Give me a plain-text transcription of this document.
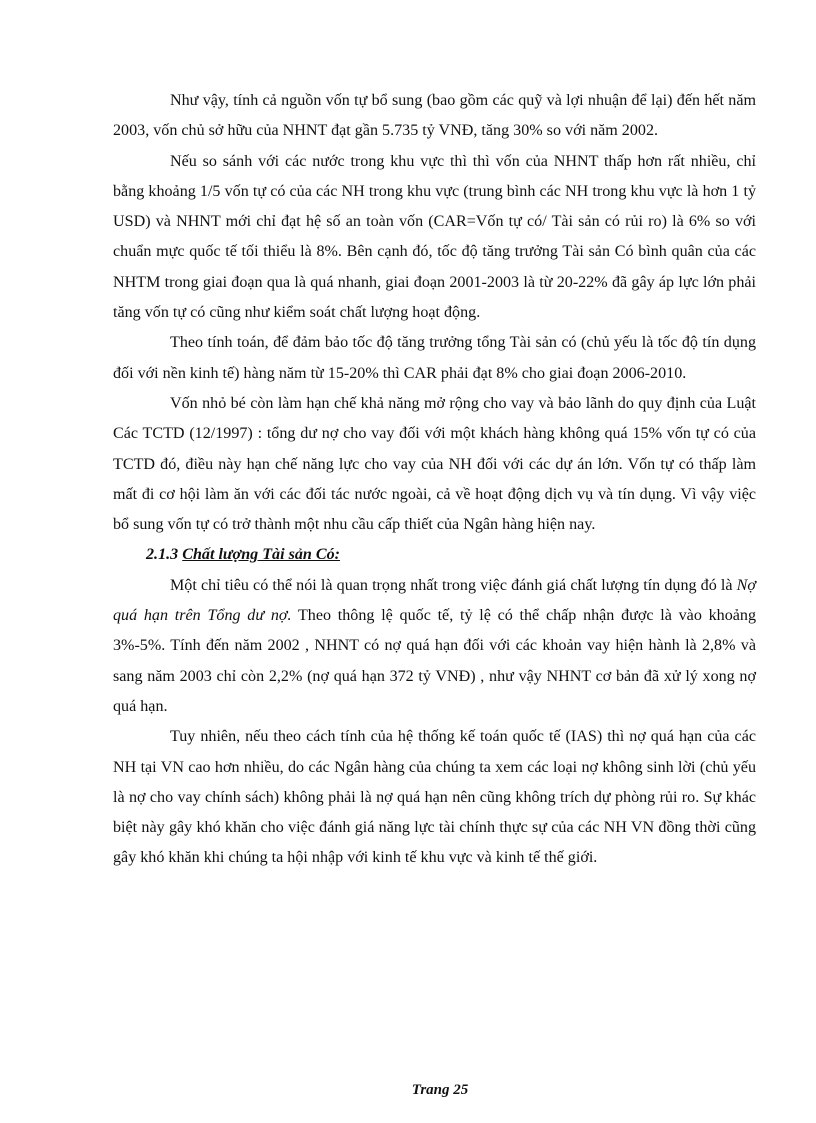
Như vậy, tính cả nguồn vốn tự bổ sung (bao gồm các quỹ và lợi nhuận để lại) đến hết năm 2003, vốn chủ sở hữu của NHNT đạt gần 5.735 tỷ VNĐ, tăng 30% so với năm 2002.

Nếu so sánh với các nước trong khu vực thì thì vốn của NHNT thấp hơn rất nhiều, chỉ bằng khoảng 1/5 vốn tự có của các NH trong khu vực (trung bình các NH trong khu vực là hơn 1 tỷ USD) và NHNT mới chỉ đạt hệ số an toàn vốn (CAR=Vốn tự có/ Tài sản có rủi ro) là 6% so với chuẩn mực quốc tế tối thiểu là 8%. Bên cạnh đó, tốc độ tăng trưởng Tài sản Có bình quân của các NHTM trong giai đoạn qua là quá nhanh, giai đoạn 2001-2003 là từ 20-22% đã gây áp lực lớn phải tăng vốn tự có cũng như kiểm soát chất lượng hoạt động.

Theo tính toán, để đảm bảo tốc độ tăng trưởng tổng Tài sản có (chủ yếu là tốc độ tín dụng đối với nền kinh tế) hàng năm từ 15-20% thì CAR phải đạt 8% cho giai đoạn 2006-2010.

Vốn nhỏ bé còn làm hạn chế khả năng mở rộng cho vay và bảo lãnh do quy định của Luật Các TCTD (12/1997) : tổng dư nợ cho vay đối với một khách hàng không quá 15% vốn tự có của TCTD đó, điều này hạn chế năng lực cho vay của NH đối với các dự án lớn. Vốn tự có thấp làm mất đi cơ hội làm ăn với các đối tác nước ngoài, cả về hoạt động dịch vụ và tín dụng. Vì vậy việc bổ sung vốn tự có trở thành một nhu cầu cấp thiết của Ngân hàng hiện nay.

2.1.3 Chất lượng Tài sản Có:

Một chỉ tiêu có thể nói là quan trọng nhất trong việc đánh giá chất lượng tín dụng đó là Nợ quá hạn trên Tổng dư nợ. Theo thông lệ quốc tế, tỷ lệ có thể chấp nhận được là vào khoảng 3%-5%. Tính đến năm 2002 , NHNT có nợ quá hạn đối với các khoản vay hiện hành là 2,8% và sang năm 2003 chỉ còn 2,2% (nợ quá hạn 372 tỷ VNĐ) , như vậy NHNT cơ bản đã xử lý xong nợ quá hạn.

Tuy nhiên, nếu theo cách tính của hệ thống kế toán quốc tế (IAS) thì nợ quá hạn của các NH tại VN cao hơn nhiều, do các Ngân hàng của chúng ta xem các loại nợ không sinh lời (chủ yếu là nợ cho vay chính sách) không phải là nợ quá hạn nên cũng không trích dự phòng rủi ro. Sự khác biệt này gây khó khăn cho việc đánh giá năng lực tài chính thực sự của các NH VN đồng thời cũng gây khó khăn khi chúng ta hội nhập với kinh tế khu vực và kinh tế thế giới.

Trang 25
